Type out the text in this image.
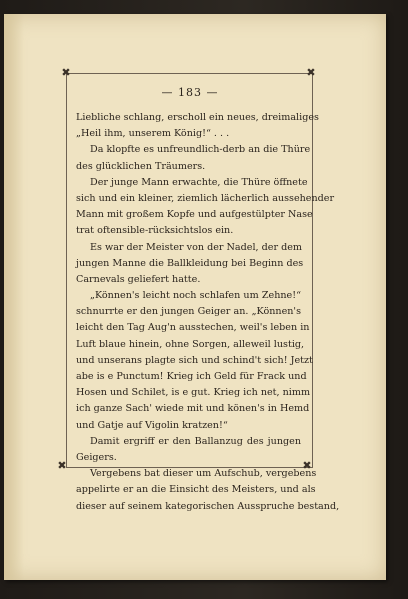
✖	✖
✖	✖
— 183 —
Liebliche schlang, erscholl ein neues, dreimaliges
„Heil ihm, unserem König!“ . . .
Da klopfte es unfreundlich-derb an die Thüre
des glücklichen Träumers.
Der junge Mann erwachte, die Thüre öffnete
sich und ein kleiner, ziemlich lächerlich aussehender
Mann mit großem Kopfe und aufgestülpter Nase
trat oftensible-rücksichtslos ein.
Es war der Meister von der Nadel, der dem
jungen Manne die Ballkleidung bei Beginn des
Carnevals geliefert hatte.
„Können's leicht noch schlafen um Zehne!“
schnurrte er den jungen Geiger an. „Können's
leicht den Tag Aug'n ausstechen, weil's leben in
Luft blaue hinein, ohne Sorgen, alleweil lustig,
und unserans plagte sich und schind't sich! Jetzt
abe is e Punctum! Krieg ich Geld für Frack und
Hosen und Schilet, is e gut. Krieg ich net, nimm
ich ganze Sach' wiede mit und könen's in Hemd
und Gatje auf Vigolin kratzen!“
Damit ergriff er den Ballanzug des jungen
Geigers.
Vergebens bat dieser um Aufschub, vergebens
appelirte er an die Einsicht des Meisters, und als
dieser auf seinem kategorischen Ausspruche bestand,
